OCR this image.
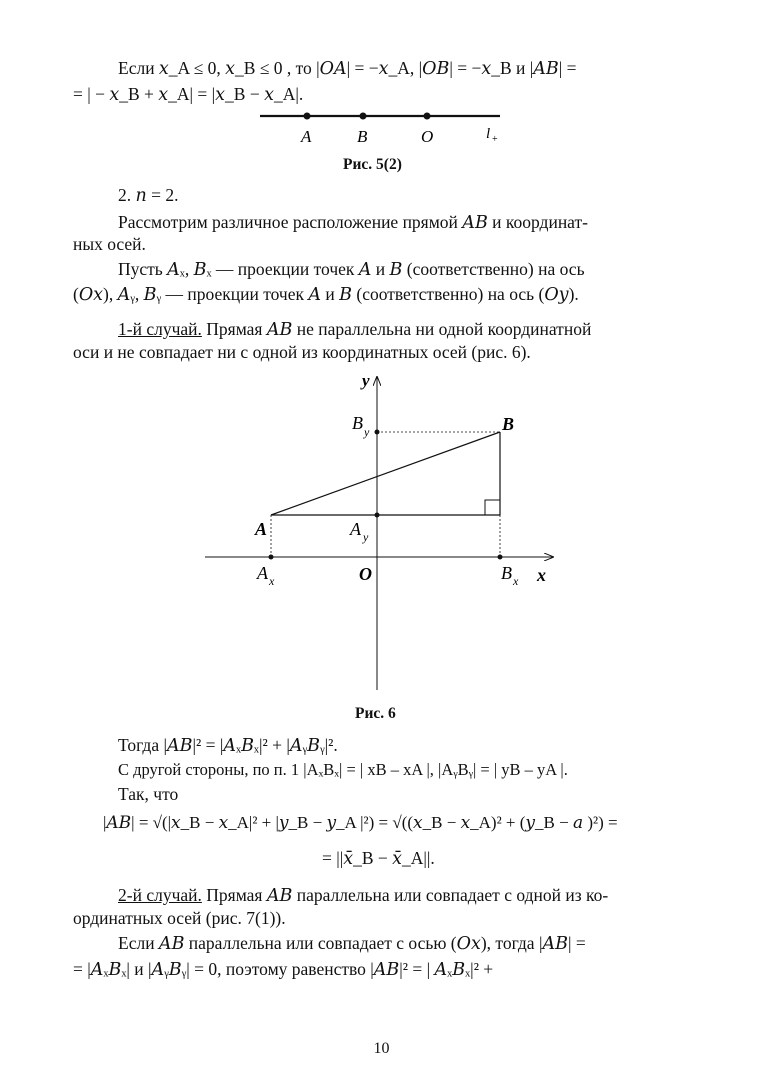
Если 𝑥_A ≤ 0, 𝑥_B ≤ 0 , то |𝑂𝐴| = −𝑥_A, |𝑂𝐵| = −𝑥_B и |𝐴𝐵| =
= | − 𝑥_B + 𝑥_A| = |𝑥_B − 𝑥_A|.
A	B	O	l +
Рис. 5(2)
2. 𝑛 = 2.
Рассмотрим различное расположение прямой 𝐴𝐵 и координат-
ных осей.
Пусть 𝐴ₓ, 𝐵ₓ — проекции точек 𝐴 и 𝐵 (соответственно) на ось
(𝑂𝑥), 𝐴ᵧ, 𝐵ᵧ — проекции точек 𝐴 и 𝐵 (соответственно) на ось (𝑂𝑦).
1-й случай. Прямая 𝐴𝐵 не параллельна ни одной координатной
оси и не совпадает ни с одной из координатных осей (рис. 6).
y
x
O
A
B
B y
A y
A x	B x
Рис. 6
Тогда |𝐴𝐵|² = |𝐴ₓ𝐵ₓ|² + |𝐴ᵧ𝐵ᵧ|².
С другой стороны, по п. 1 |AₓBₓ| = | xB – xA |, |AᵧBᵧ| = | yB – yA |.
Так, что
|𝐴𝐵| = √(|𝑥_B − 𝑥_A|² + |𝑦_B − 𝑦_A |²) = √((𝑥_B − 𝑥_A)² + (𝑦_B − 𝑎 )²) =
= ||𝑥̄_B − 𝑥̄_A||.
2-й случай. Прямая 𝐴𝐵 параллельна или совпадает с одной из ко-
ординатных осей (рис. 7(1)).
Если 𝐴𝐵 параллельна или совпадает с осью (𝑂𝑥), тогда |𝐴𝐵| =
= |𝐴ₓ𝐵ₓ| и |𝐴ᵧ𝐵ᵧ| = 0, поэтому равенство |𝐴𝐵|² = | 𝐴ₓ𝐵ₓ|² +
10
